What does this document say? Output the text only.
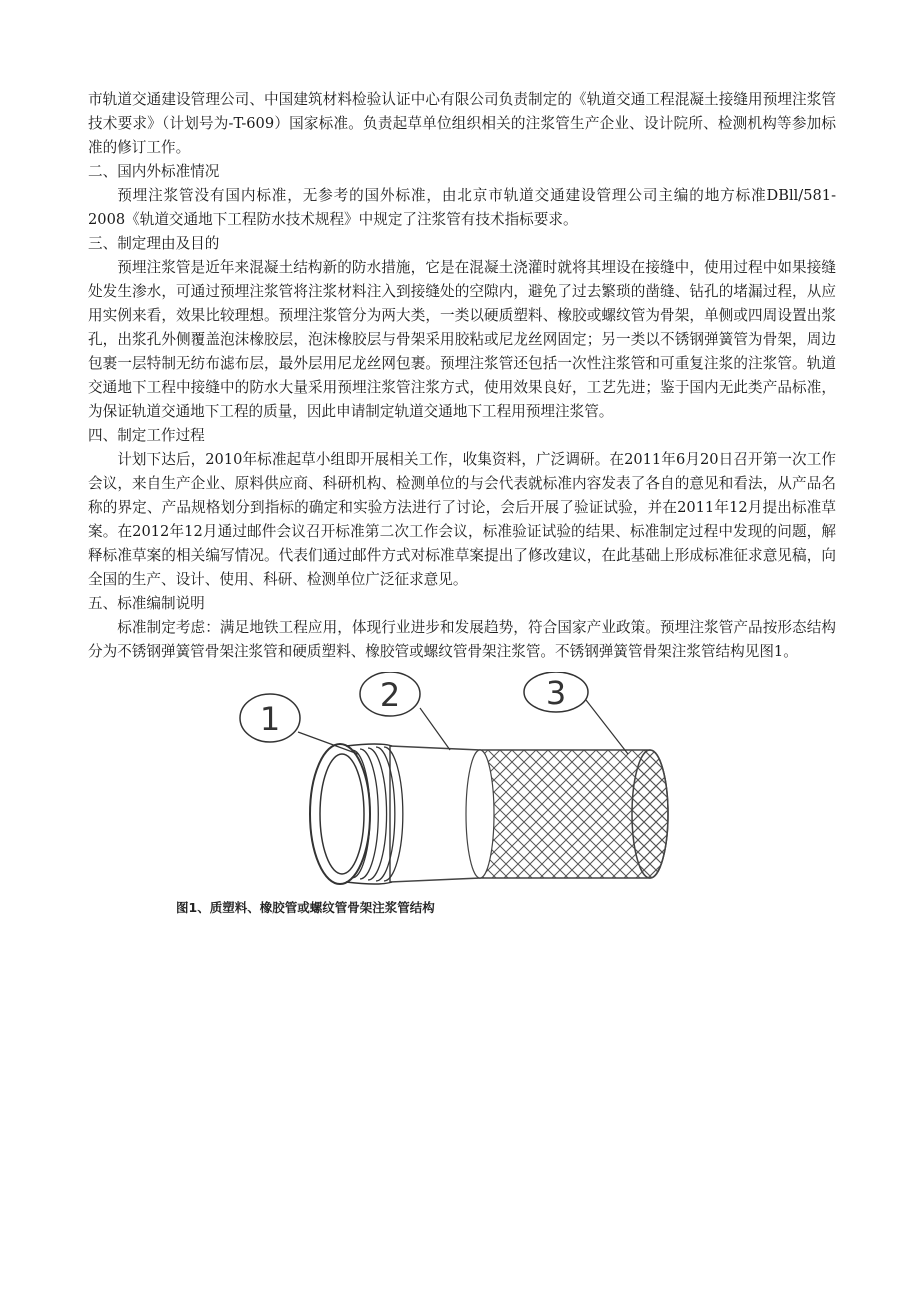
市轨道交通建设管理公司、中国建筑材料检验认证中心有限公司负责制定的《轨道交通工程混凝土接缝用预埋注浆管技术要求》（计划号为-T-609）国家标准。负责起草单位组织相关的注浆管生产企业、设计院所、检测机构等参加标准的修订工作。

二、国内外标准情况

预埋注浆管没有国内标准，无参考的国外标准，由北京市轨道交通建设管理公司主编的地方标准DBll/581-2008《轨道交通地下工程防水技术规程》中规定了注浆管有技术指标要求。

三、制定理由及目的

预埋注浆管是近年来混凝土结构新的防水措施，它是在混凝土浇灌时就将其埋设在接缝中，使用过程中如果接缝处发生渗水，可通过预埋注浆管将注浆材料注入到接缝处的空隙内，避免了过去繁琐的凿缝、钻孔的堵漏过程，从应用实例来看，效果比较理想。预埋注浆管分为两大类，一类以硬质塑料、橡胶或螺纹管为骨架，单侧或四周设置出浆孔，出浆孔外侧覆盖泡沫橡胶层，泡沫橡胶层与骨架采用胶粘或尼龙丝网固定；另一类以不锈钢弹簧管为骨架，周边包裹一层特制无纺布滤布层，最外层用尼龙丝网包裹。预埋注浆管还包括一次性注浆管和可重复注浆的注浆管。轨道交通地下工程中接缝中的防水大量采用预埋注浆管注浆方式，使用效果良好，工艺先进；鉴于国内无此类产品标准，为保证轨道交通地下工程的质量，因此申请制定轨道交通地下工程用预埋注浆管。

四、制定工作过程

计划下达后，2010年标准起草小组即开展相关工作，收集资料，广泛调研。在2011年6月20日召开第一次工作会议，来自生产企业、原料供应商、科研机构、检测单位的与会代表就标准内容发表了各自的意见和看法，从产品名称的界定、产品规格划分到指标的确定和实验方法进行了讨论，会后开展了验证试验，并在2011年12月提出标准草案。在2012年12月通过邮件会议召开标准第二次工作会议，标准验证试验的结果、标准制定过程中发现的问题，解释标准草案的相关编写情况。代表们通过邮件方式对标准草案提出了修改建议，在此基础上形成标准征求意见稿，向全国的生产、设计、使用、科研、检测单位广泛征求意见。

五、标准编制说明

标准制定考虑：满足地铁工程应用，体现行业进步和发展趋势，符合国家产业政策。预埋注浆管产品按形态结构分为不锈钢弹簧管骨架注浆管和硬质塑料、橡胶管或螺纹管骨架注浆管。不锈钢弹簧管骨架注浆管结构见图1。

1
2	3
图1、质塑料、橡胶管或螺纹管骨架注浆管结构
